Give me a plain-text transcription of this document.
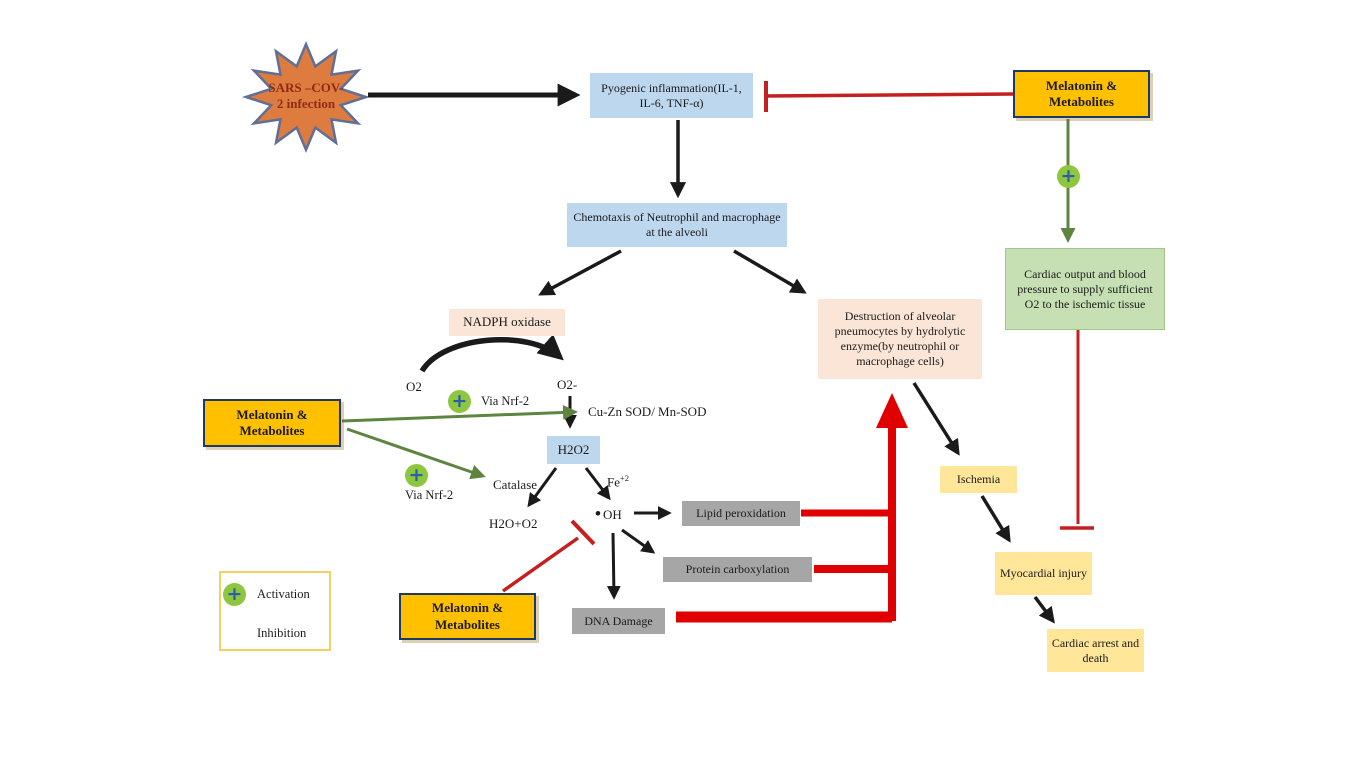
SARS –COV-
2 infection
Pyogenic inflammation(IL-1, IL-6, TNF-α)
Melatonin & Metabolites
Chemotaxis of Neutrophil and macrophage at the alveoli
NADPH oxidase	Destruction of alveolar pneumocytes by hydrolytic enzyme(by neutrophil or macrophage cells)
Cardiac output and blood pressure to supply sufficient O2 to the ischemic tissue
Melatonin & Metabolites
H2O2
Lipid peroxidation
Protein carboxylation
DNA Damage
Ischemia
Myocardial injury
Cardiac arrest and death
Melatonin & Metabolites
O2	O2-
Via Nrf-2
Cu-Zn SOD/ Mn-SOD
Via Nrf-2
Catalase
H2O+O2
$Fe^{+2}$
• OH
+
+
+
+ Activation
Inhibition
